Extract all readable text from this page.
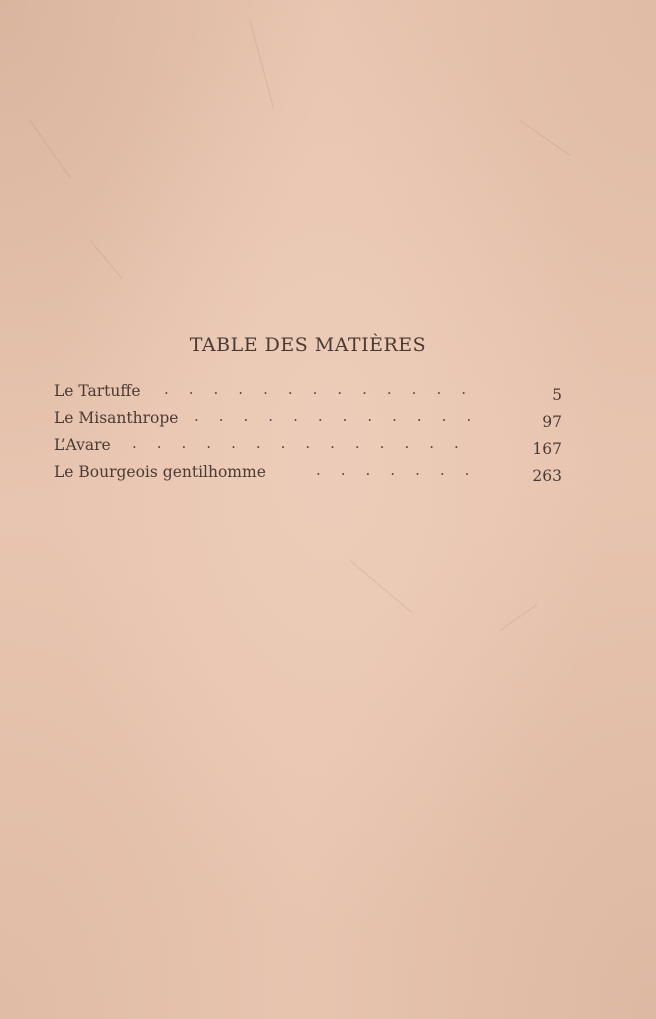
TABLE DES MATIÈRES
Le Tartuffe .............	5
Le Misanthrope ............	97
L’Avare ..............	167
Le Bourgeois gentilhomme	.......	263
